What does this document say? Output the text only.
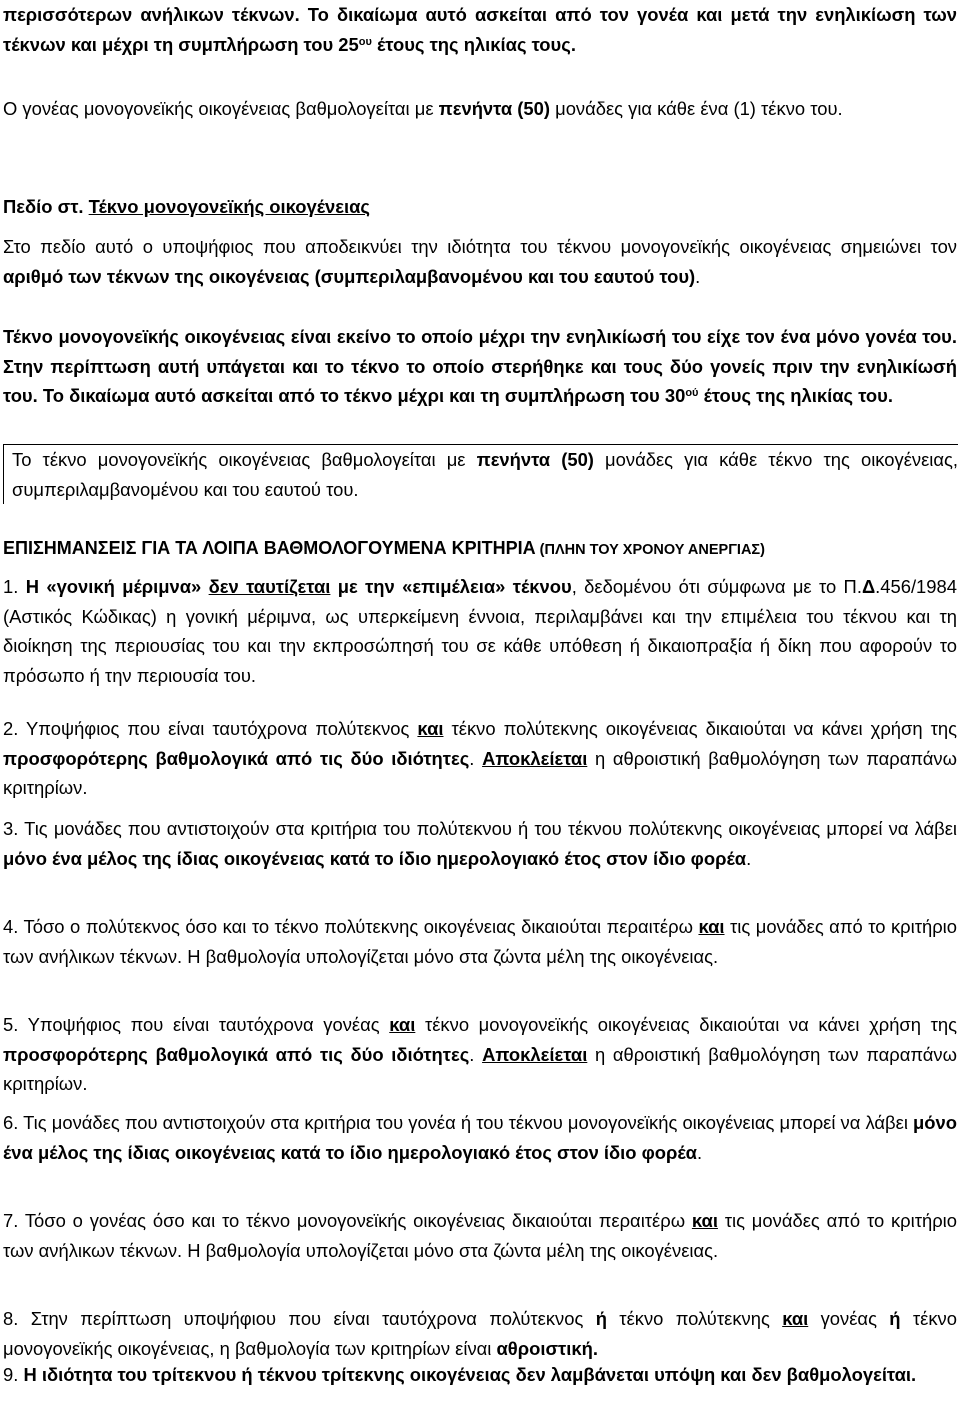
περισσότερων ανήλικων τέκνων. Το δικαίωμα αυτό ασκείται από τον γονέα και μετά την ενηλικίωση των τέκνων και μέχρι τη συμπλήρωση του $25^{o\upsilon}$ έτους της ηλικίας τους.
Ο γονέας μονογονεϊκής οικογένειας βαθμολογείται με πενήντα (50) μονάδες για κάθε ένα (1) τέκνο του.
Πεδίο στ. Τέκνο μονογονεϊκής οικογένειας
Στο πεδίο αυτό ο υποψήφιος που αποδεικνύει την ιδιότητα του τέκνου μονογονεϊκής οικογένειας σημειώνει τον αριθμό των τέκνων της οικογένειας (συμπεριλαμβανομένου και του εαυτού του).
Τέκνο μονογονεϊκής οικογένειας είναι εκείνο το οποίο μέχρι την ενηλικίωσή του είχε τον ένα μόνο γονέα του. Στην περίπτωση αυτή υπάγεται και το τέκνο το οποίο στερήθηκε και τους δύο γονείς πριν την ενηλικίωσή του. Το δικαίωμα αυτό ασκείται από το τέκνο μέχρι και τη συμπλήρωση του $30^{oύ}$ έτους της ηλικίας του.
Το τέκνο μονογονεϊκής οικογένειας βαθμολογείται με πενήντα (50) μονάδες για κάθε τέκνο της οικογένειας, συμπεριλαμβανομένου και του εαυτού του.
ΕΠΙΣΗΜΑΝΣΕΙΣ ΓΙΑ ΤΑ ΛΟΙΠΑ ΒΑΘΜΟΛΟΓΟΥΜΕΝΑ ΚΡΙΤΗΡΙΑ (ΠΛΗΝ ΤΟΥ ΧΡΟΝΟΥ ΑΝΕΡΓΙΑΣ)
1. Η «γονική μέριμνα» δεν ταυτίζεται με την «επιμέλεια» τέκνου, δεδομένου ότι σύμφωνα με το Π.Δ.456/1984 (Αστικός Κώδικας) η γονική μέριμνα, ως υπερκείμενη έννοια, περιλαμβάνει και την επιμέλεια του τέκνου και τη διοίκηση της περιουσίας του και την εκπροσώπησή του σε κάθε υπόθεση ή δικαιοπραξία ή δίκη που αφορούν το πρόσωπο ή την περιουσία του.
2. Υποψήφιος που είναι ταυτόχρονα πολύτεκνος και τέκνο πολύτεκνης οικογένειας δικαιούται να κάνει χρήση της προσφορότερης βαθμολογικά από τις δύο ιδιότητες. Αποκλείεται η αθροιστική βαθμολόγηση των παραπάνω κριτηρίων.
3. Τις μονάδες που αντιστοιχούν στα κριτήρια του πολύτεκνου ή του τέκνου πολύτεκνης οικογένειας μπορεί να λάβει μόνο ένα μέλος της ίδιας οικογένειας κατά το ίδιο ημερολογιακό έτος στον ίδιο φορέα.
4. Τόσο ο πολύτεκνος όσο και το τέκνο πολύτεκνης οικογένειας δικαιούται περαιτέρω και τις μονάδες από το κριτήριο των ανήλικων τέκνων. Η βαθμολογία υπολογίζεται μόνο στα ζώντα μέλη της οικογένειας.
5. Υποψήφιος που είναι ταυτόχρονα γονέας και τέκνο μονογονεϊκής οικογένειας δικαιούται να κάνει χρήση της προσφορότερης βαθμολογικά από τις δύο ιδιότητες. Αποκλείεται η αθροιστική βαθμολόγηση των παραπάνω κριτηρίων.
6. Τις μονάδες που αντιστοιχούν στα κριτήρια του γονέα ή του τέκνου μονογονεϊκής οικογένειας μπορεί να λάβει μόνο ένα μέλος της ίδιας οικογένειας κατά το ίδιο ημερολογιακό έτος στον ίδιο φορέα.
7. Τόσο ο γονέας όσο και το τέκνο μονογονεϊκής οικογένειας δικαιούται περαιτέρω και τις μονάδες από το κριτήριο των ανήλικων τέκνων. Η βαθμολογία υπολογίζεται μόνο στα ζώντα μέλη της οικογένειας.
8. Στην περίπτωση υποψήφιου που είναι ταυτόχρονα πολύτεκνος ή τέκνο πολύτεκνης και γονέας ή τέκνο μονογονεϊκής οικογένειας, η βαθμολογία των κριτηρίων είναι αθροιστική.
9. Η ιδιότητα του τρίτεκνου ή τέκνου τρίτεκνης οικογένειας δεν λαμβάνεται υπόψη και δεν βαθμολογείται.
